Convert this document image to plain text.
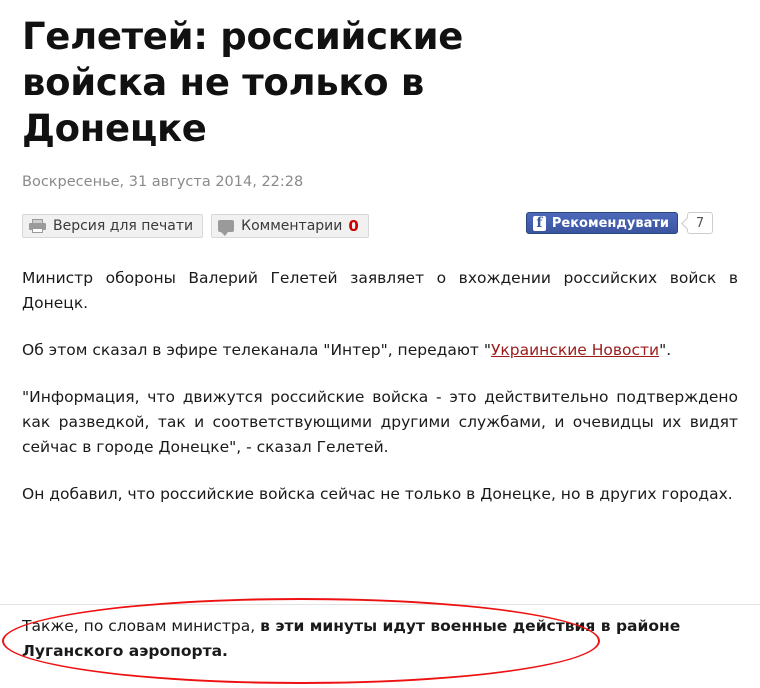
Гелетей: российские войска не только в Донецке
Воскресенье, 31 августа 2014, 22:28
Версия для печати	Комментарии 0	f Рекомендувати	7

Министр обороны Валерий Гелетей заявляет о вхождении российских войск в Донецк.

Об этом сказал в эфире телеканала "Интер", передают "Украинские Новости".

"Информация, что движутся российские войска - это действительно подтверждено как разведкой, так и соответствующими другими службами, и очевидцы их видят сейчас в городе Донецке", - сказал Гелетей.

Он добавил, что российские войска сейчас не только в Донецке, но в других городах.

Также, по словам министра, в эти минуты идут военные действия в районе Луганского аэропорта.
